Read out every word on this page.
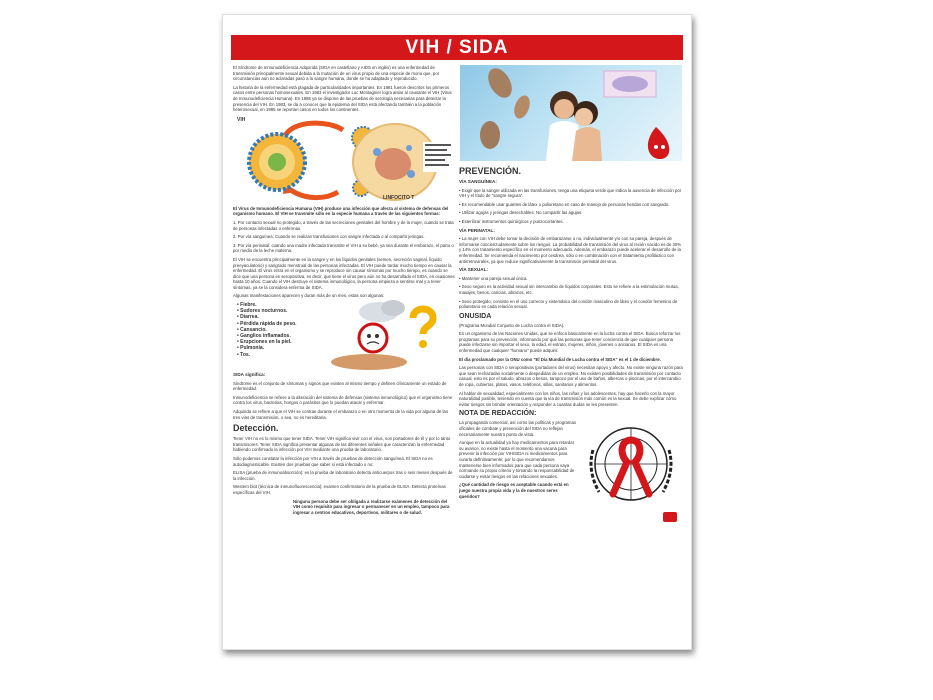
VIH / SIDA

El Síndrome de Inmunodeficiencia Adquirida (SIDA en castellano y AIDS en inglés) es una enfermedad de transmisión principalmente sexual debida a la mutación de un virus propio de una especie de mono que, por circunstancias aún no aclaradas pasó a la sangre humana, donde se ha adaptado y reproducido.

La historia de la enfermedad está plagada de particularidades importantes. En 1981 fueron descritos los primeros casos entre personas homosexuales. En 1983 el investigador Luc Montagnier logra aislar al causante el VIH (Virus de Inmunodeficiencia Humana). En 1985 ya se dispone de las pruebas de serología necesarias para detectar la presencia del VIH. En 1983, se da a conocer que la epidemia del SIDA está afectando también a la población heterosexual, en 1985 se reportan casos en todos los continentes.

VIH
LINFOCITO T

El Virus de Inmunodeficiencia Humana (VIH) produce una infección que afecta al sistema de defensas del organismo humano. El VIH se transmite sólo en la especie humana a través de las siguientes formas:

1. Por contacto sexual no protegido, a través de las secreciones genitales del hombre y de la mujer, cuando se trata de personas infectadas o enfermas.

2. Por vía sanguínea: Cuando se realizan transfusiones con sangre infectada o al compartir jeringas.

3. Por vía perinatal: cuando una madre infectada transmite el VIH a su bebé, ya sea durante el embarazo, el parto o por medio de la leche materna.

El VIH se encuentra principalmente en la sangre y en los líquidos genitales (semen, secreción vaginal, líquido preeyaculatorio) y sangrado menstrual de las personas infectadas. El VIH puede tardar mucho tiempo en causar la enfermedad. El virus entra en el organismo y se reproduce sin causar síntomas por mucho tiempo, es cuando se dice que una persona es seropositiva, es decir, que tiene el virus pero aún no ha desarrollado el SIDA, en ocasiones hasta 10 años. Cuando el VIH destruye el sistema inmunológico, la persona empieza a sentirse mal y a tener síntomas, ya se la considera enferma de SIDA.

Algunas manifestaciones aparecen y duran más de un mes, estas son algunas:

• Fiebre.
• Sudores nocturnos.
• Diarrea.
• Pérdida rápida de peso.
• Cansancio.
• Ganglios inflamados.
• Erupciones en la piel.
• Pulmonía.
• Tos.

SIDA significa:

Síndrome es el conjunto de síntomas y signos que existen al mismo tiempo y definen clínicamente un estado de enfermedad.

Inmunodeficiencia se refiere a la alteración del sistema de defensas (sistema inmunológico) que el organismo tiene contra los virus, bacterias, hongos o parásitos que lo puedan atacar y enfermar.

Adquirida se refiere a que el VIH se contrae durante el embarazo o en otro momento de la vida por alguna de las tres vías de transmisión, o sea, no es hereditaria.

Detección.

Tener VIH no es lo mismo que tener SIDA. Tener VIH significa vivir con el virus, son portadores de él y por lo tanto transmisores. Tener SIDA significa presentar algunas de las diferentes señales que caracterizan la enfermedad habiendo confirmado la infección por VIH mediante una prueba de laboratorio.

Sólo podemos constatar la infección por VIH a través de pruebas de detección sanguínea. El SIDA no es autodiagnosticable. Existen dos pruebas que saber si está infectado o no:

ELISA (prueba de inmunoabsorción): es la prueba de laboratorio detecta anticuerpos tras o seis meses después de la infección.

Western blot (técnica de inmunofluorescencia): examen confirmatorio de la prueba de ELISA. Detecta proteínas específicas del VIH.

Ninguna persona debe ser obligada a realizarse exámenes de detección del VIH como requisito para ingresar o permanecer en un empleo, tampoco para ingresar a centros educativos, deportivos, militares o de salud.

PREVENCIÓN.

VÍA SANGUÍNEA:

• Exigir que la sangre utilizada en las transfusiones, tenga una etiqueta verde que indica la ausencia de infección por VIH y el título de "sangre segura".

• Es recomendable usar guantes de látex o poliuretano en caso de manejo de personas heridas con sangrado.

• Utilizar agujas y jeringas desechables. No compartir las agujas.

• Esterilizar instrumentos quirúrgicos y punzocortantes.

VÍA PERINATAL:

• La mujer con VIH debe tomar la decisión de embarazarse o no, individualmente y/o con su pareja, después de informarse concienzudamente sobre los riesgos. La probabilidad de transmisión del virus al recién nacido es de 30% y 14% con tratamiento específico en el momento adecuado. Además, el embarazo puede acelerar el desarrollo de la enfermedad. Se recomienda el nacimiento por cesárea, sólo o en combinación con el tratamiento profiláctico con antirretrovirales, ya que reduce significativamente la transmisión perinatal del virus.

VÍA SEXUAL:

• Mantener una pareja sexual única.

• Sexo seguro es la actividad sexual sin intercambio de líquidos corporales. Esto se refiere a la estimulación mutua, masajes, besos, caricias, abrazos, etc.

• Sexo protegido, consiste en el uso correcto y sistemático del condón masculino de látex y el condón femenino de poliuretano en cada relación sexual.

ONUSIDA

(Programa Mundial Conjunto de Lucha contra el SIDA).

Es un organismo de las Naciones Unidas, que se enfoca básicamente en la lucha contra el SIDA. Busca reforzar los programas para su prevención, informando por qué las personas que tener conciencia de que cualquier persona puede infectarse sin importar el sexo, la edad, el estrato, mujeres, niños, jóvenes o ancianos. El SIDA es una enfermedad que cualquier "humano" puede adquirir.

El día proclamado por la ONU como "El Día Mundial de Lucha contra el SIDA" es el 1 de diciembre.

Las personas con SIDA o seropositivas (portadores del virus) necesitan apoyo y afecto. No existe ninguna razón para que sean rechazadas socialmente o despedidas de un empleo. No existen posibilidades de transmisión por contacto casual, esto es por el saludo, abrazos o besos, tampoco por el uso de baños, albercas o piscinas, por el intercambio de ropa, cubiertos, platos, vasos, teléfonos, sillas, sanitarios y alimentos.

Al hablar de sexualidad, especialmente con los niños, las niñas y los adolescentes, hay que hacerlo con la mayor naturalidad posible, teniendo en cuenta que la vía de transmisión más común es la sexual. Se debe explicar cómo evitar riesgos sin brindar orientación y responder a cuantas dudas se les presenten.

NOTA DE REDACCIÓN:

La propaganda comercial, así como las políticas y programas oficiales de combate y prevención del SIDA no reflejan necesariamente nuestro punto de vista.

Aunque en la actualidad ya hay medicamentos para retardar su avance, no existe hasta el momento una vacuna para prevenir la infección por VIH/SIDA ni medicamentos para curarla definitivamente; por lo que recomendamos mantenerse bien informados para que cada persona vaya normando su propio criterio y tomando la responsabilidad de cuidarse y evitar riesgos en las relaciones sexuales.

¿Qué cantidad de riesgo es aceptable cuando está en juego nuestra propia vida y la de nuestros seres queridos?
